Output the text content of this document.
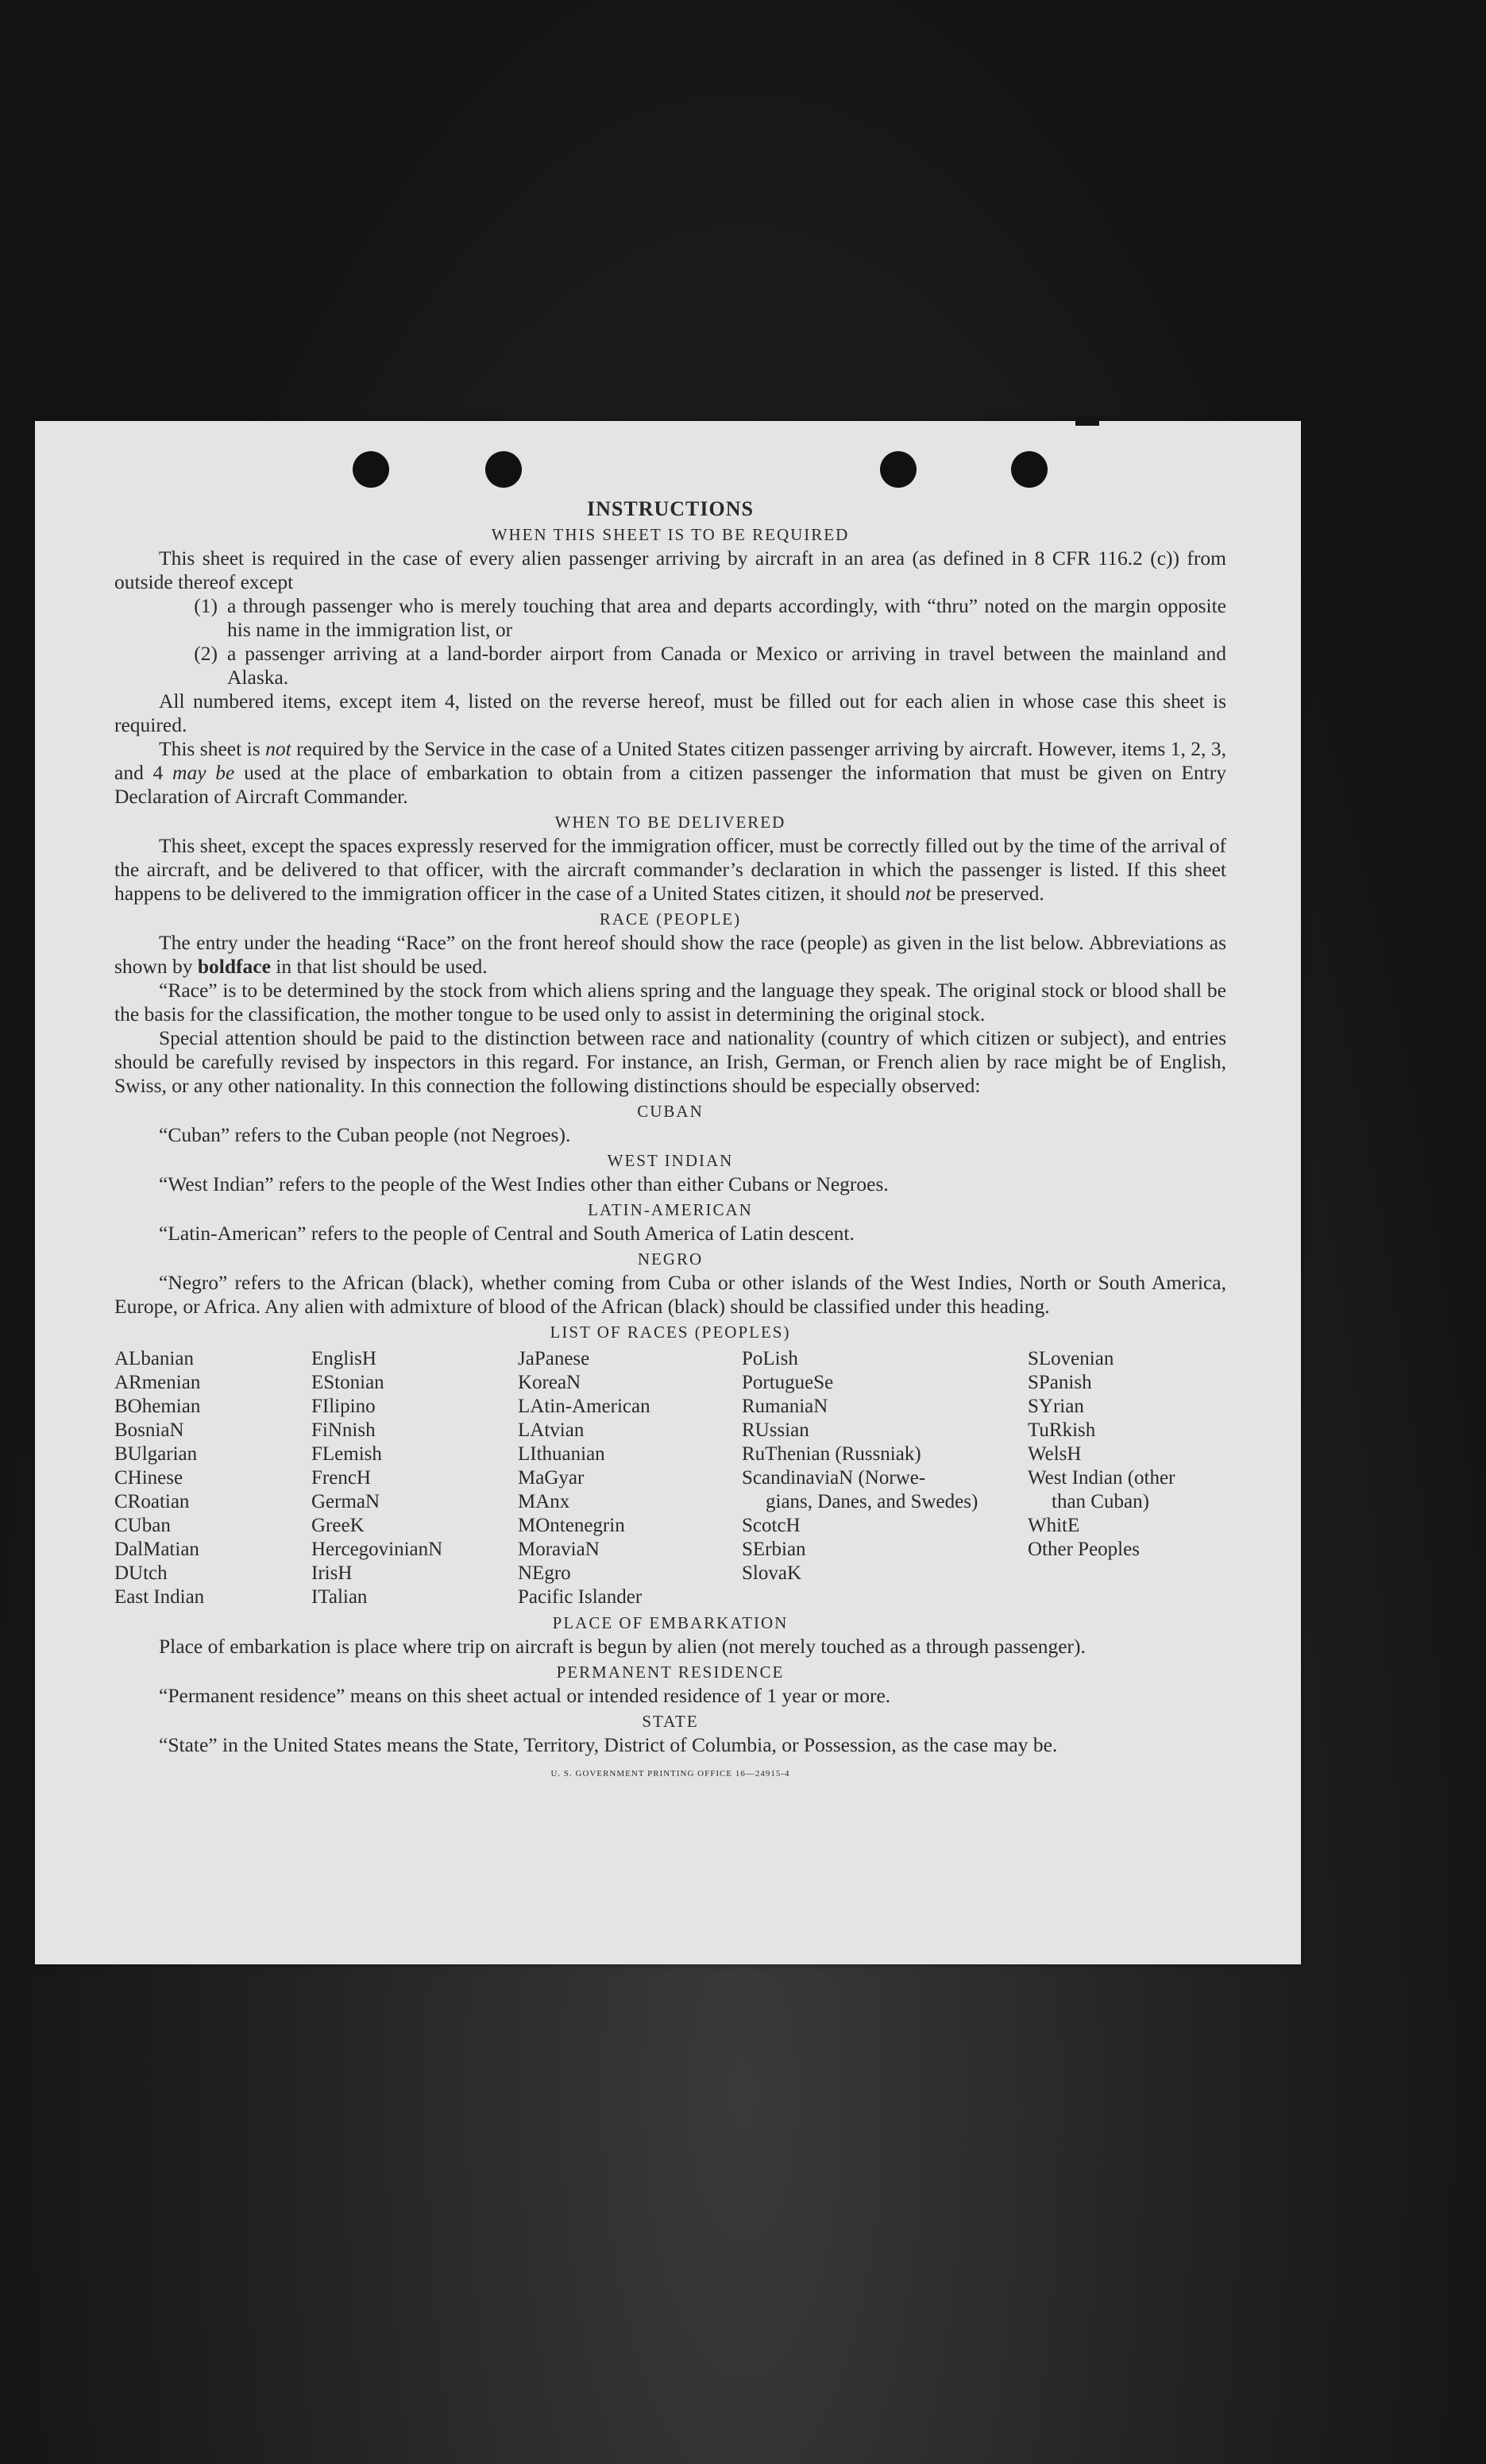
INSTRUCTIONS

WHEN THIS SHEET IS TO BE REQUIRED

This sheet is required in the case of every alien passenger arriving by aircraft in an area (as defined in 8 CFR 116.2 (c)) from outside thereof except

(1) a through passenger who is merely touching that area and departs accordingly, with “thru” noted on the margin opposite his name in the immigration list, or
(2) a passenger arriving at a land-border airport from Canada or Mexico or arriving in travel between the mainland and Alaska.

All numbered items, except item 4, listed on the reverse hereof, must be filled out for each alien in whose case this sheet is required.

This sheet is not required by the Service in the case of a United States citizen passenger arriving by aircraft. However, items 1, 2, 3, and 4 may be used at the place of embarkation to obtain from a citizen passenger the information that must be given on Entry Declaration of Aircraft Commander.

WHEN TO BE DELIVERED

This sheet, except the spaces expressly reserved for the immigration officer, must be correctly filled out by the time of the arrival of the aircraft, and be delivered to that officer, with the aircraft commander’s declaration in which the passenger is listed. If this sheet happens to be delivered to the immigration officer in the case of a United States citizen, it should not be preserved.

RACE (PEOPLE)

The entry under the heading “Race” on the front hereof should show the race (people) as given in the list below. Abbreviations as shown by boldface in that list should be used.

“Race” is to be determined by the stock from which aliens spring and the language they speak. The original stock or blood shall be the basis for the classification, the mother tongue to be used only to assist in determining the original stock.

Special attention should be paid to the distinction between race and nationality (country of which citizen or subject), and entries should be carefully revised by inspectors in this regard. For instance, an Irish, German, or French alien by race might be of English, Swiss, or any other nationality. In this connection the following distinctions should be especially observed:

CUBAN

“Cuban” refers to the Cuban people (not Negroes).

WEST INDIAN

“West Indian” refers to the people of the West Indies other than either Cubans or Negroes.

LATIN-AMERICAN

“Latin-American” refers to the people of Central and South America of Latin descent.

NEGRO

“Negro” refers to the African (black), whether coming from Cuba or other islands of the West Indies, North or South America, Europe, or Africa. Any alien with admixture of blood of the African (black) should be classified under this heading.

LIST OF RACES (PEOPLES)

ALbanian
ARmenian
BOhemian
BosniaN
BUlgarian
CHinese
CRoatian
CUban
DalMatian
DUtch
East Indian
EnglisH
EStonian
FIlipino
FiNnish
FLemish
FrencH
GermaN
GreeK
HercegovinianN
IrisH
ITalian
JaPanese
KoreaN
LAtin-American
LAtvian
LIthuanian
MaGyar
MAnx
MOntenegrin
MoraviaN
NEgro
Pacific Islander
PoLish
PortugueSe
RumaniaN
RUssian
RuThenian (Russniak)
ScandinaviaN (Norwe-
gians, Danes, and Swedes)
ScotcH
SErbian
SlovaK
SLovenian
SPanish
SYrian
TuRkish
WelsH
West Indian (other
than Cuban)
WhitE
Other Peoples

PLACE OF EMBARKATION

Place of embarkation is place where trip on aircraft is begun by alien (not merely touched as a through passenger).

PERMANENT RESIDENCE

“Permanent residence” means on this sheet actual or intended residence of 1 year or more.

STATE

“State” in the United States means the State, Territory, District of Columbia, or Possession, as the case may be.

U. S. GOVERNMENT PRINTING OFFICE 16—24915-4
